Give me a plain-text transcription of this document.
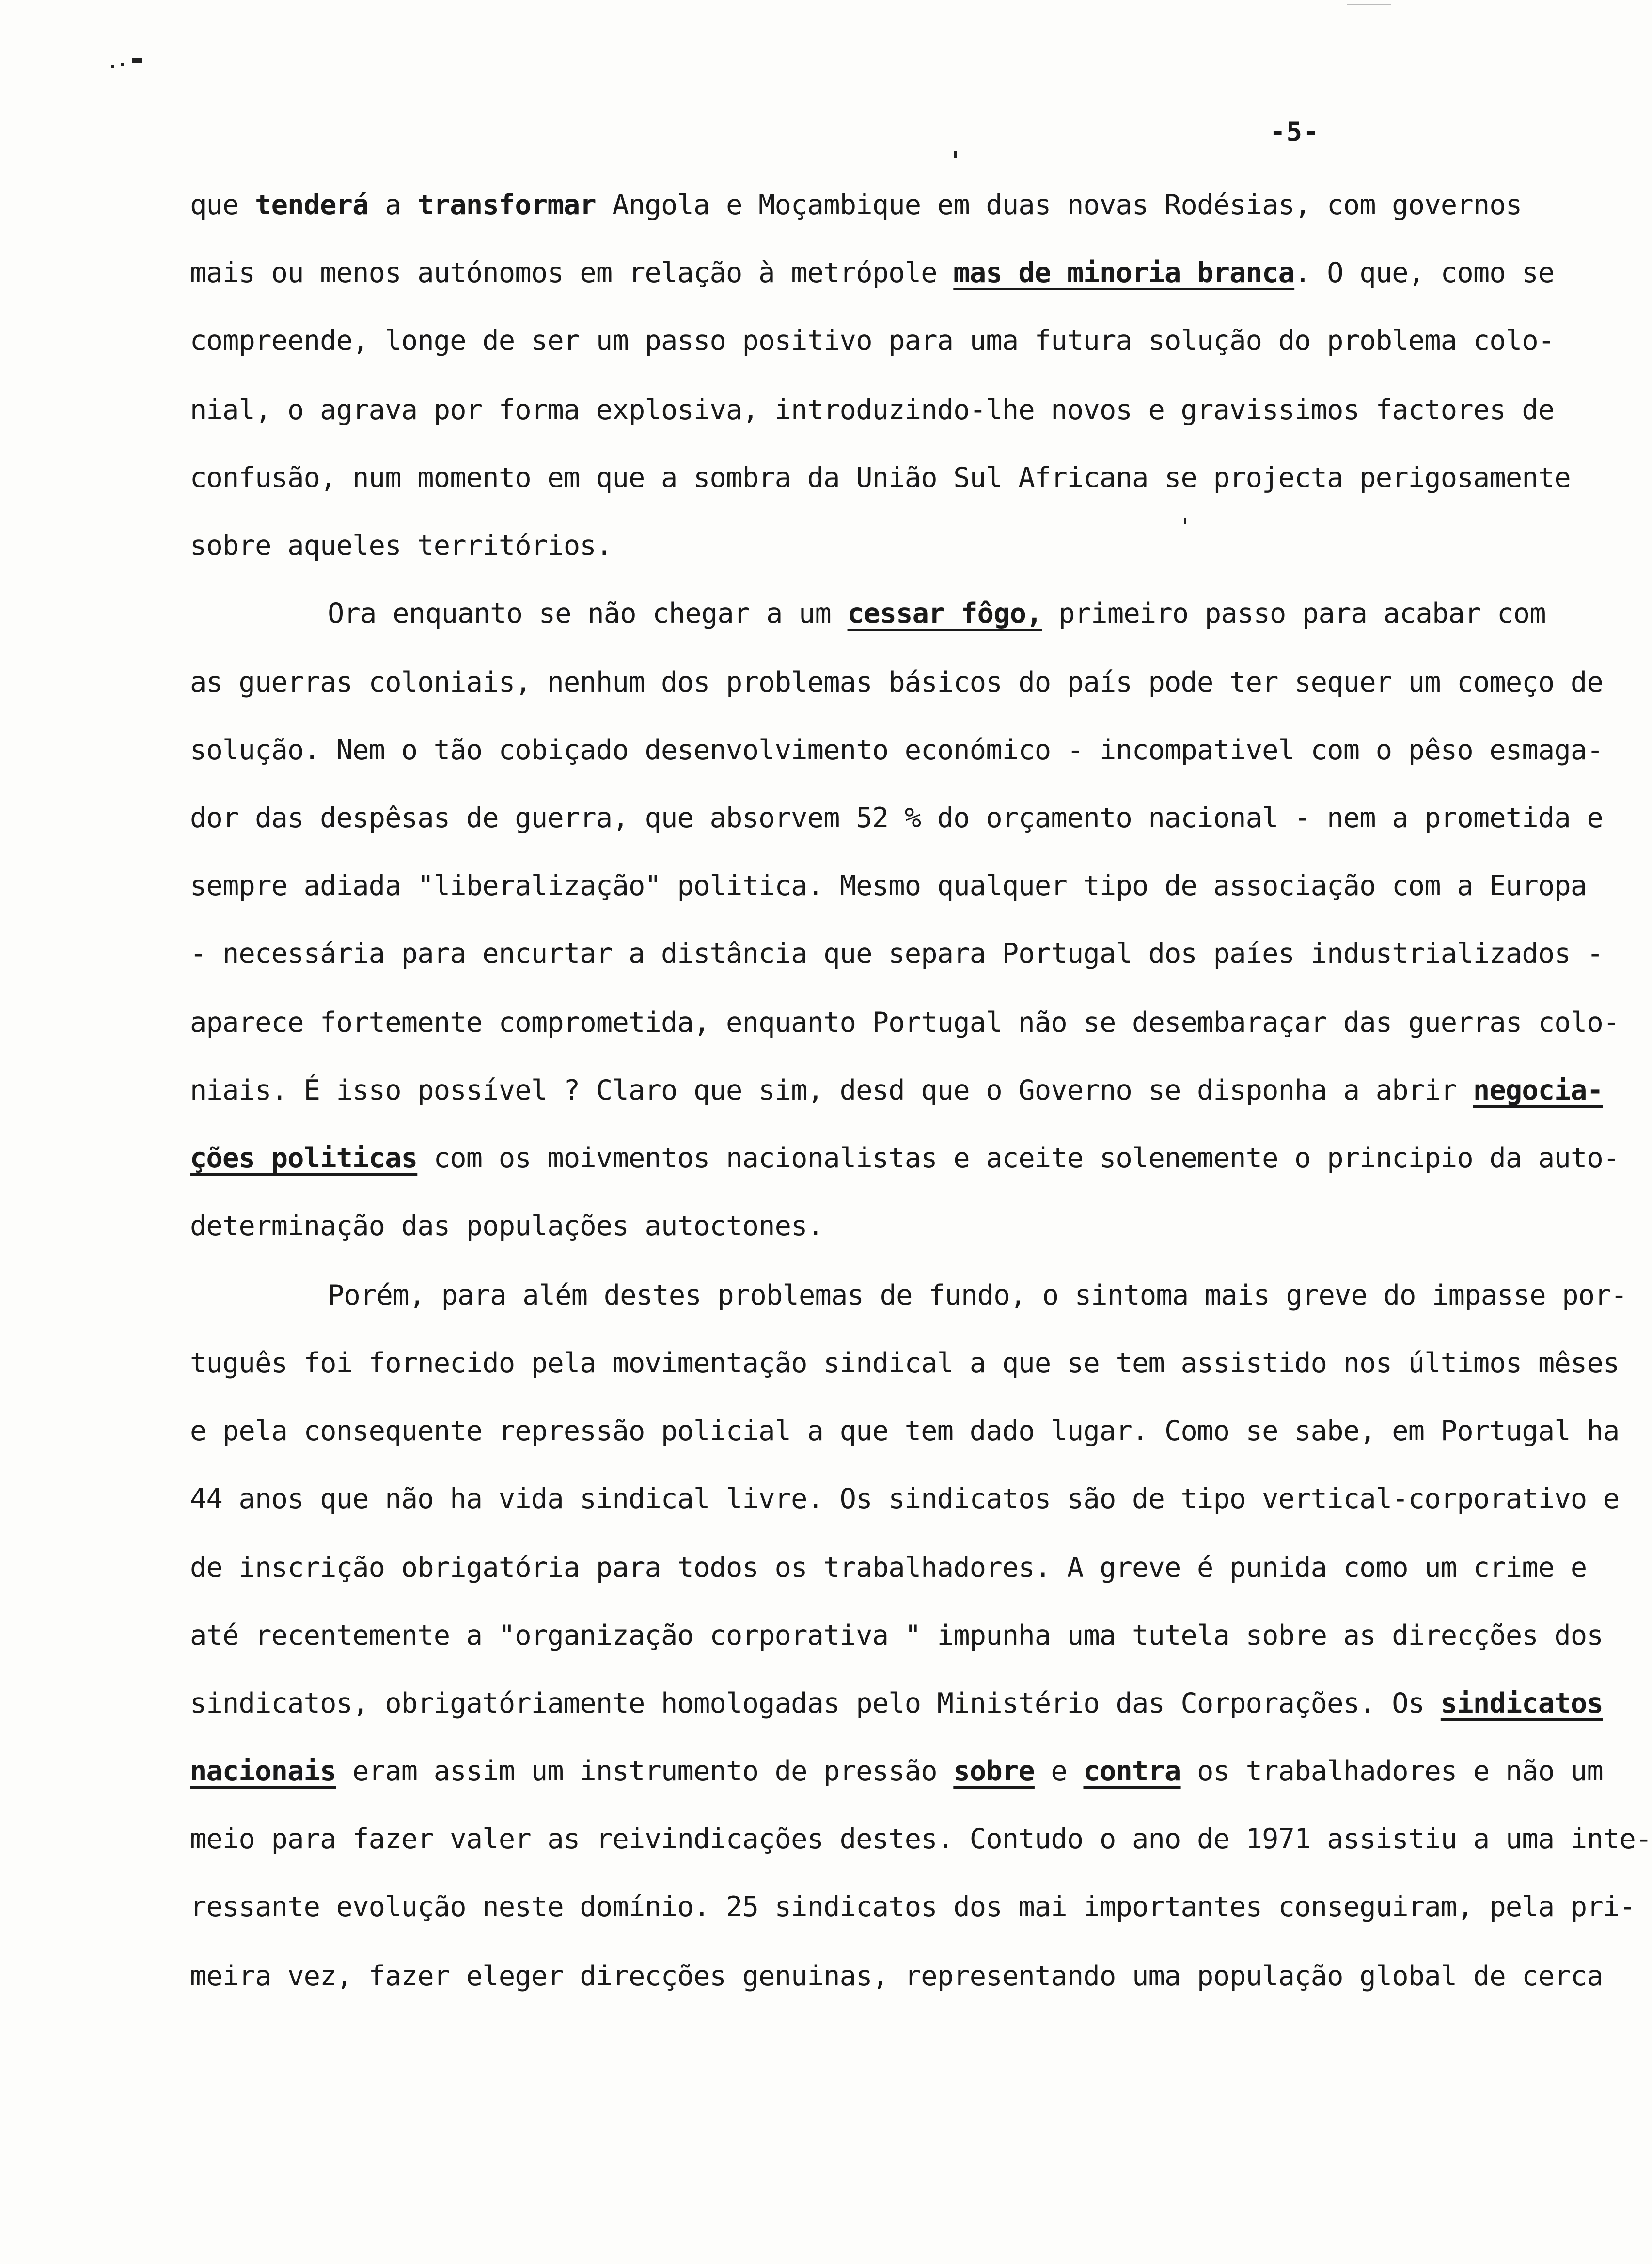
-5-
que tenderá a transformar Angola e Moçambique em duas novas Rodésias, com governos
mais ou menos autónomos em relação à metrópole mas de minoria branca. O que, como se
compreende, longe de ser um passo positivo para uma futura solução do problema colo-
nial, o agrava por forma explosiva, introduzindo-lhe novos e gravissimos factores de
confusão, num momento em que a sombra da União Sul Africana se projecta perigosamente
sobre aqueles territórios.
Ora enquanto se não chegar a um cessar fôgo, primeiro passo para acabar com
as guerras coloniais, nenhum dos problemas básicos do país pode ter sequer um começo de
solução. Nem o tão cobiçado desenvolvimento económico - incompativel com o pêso esmaga-
dor das despêsas de guerra, que absorvem 52 % do orçamento nacional - nem a prometida e
sempre adiada "liberalização" politica. Mesmo qualquer tipo de associação com a Europa
- necessária para encurtar a distância que separa Portugal dos paíes industrializados -
aparece fortemente comprometida, enquanto Portugal não se desembaraçar das guerras colo-
niais. É isso possível ? Claro que sim, desd que o Governo se disponha a abrir negocia-
ções politicas com os moivmentos nacionalistas e aceite solenemente o principio da auto-
determinação das populações autoctones.
Porém, para além destes problemas de fundo, o sintoma mais greve do impasse por-
tuguês foi fornecido pela movimentação sindical a que se tem assistido nos últimos mêses
e pela consequente repressão policial a que tem dado lugar. Como se sabe, em Portugal ha
44 anos que não ha vida sindical livre. Os sindicatos são de tipo vertical-corporativo e
de inscrição obrigatória para todos os trabalhadores. A greve é punida como um crime e
até recentemente a "organização corporativa " impunha uma tutela sobre as direcções dos
sindicatos, obrigatóriamente homologadas pelo Ministério das Corporações. Os sindicatos
nacionais eram assim um instrumento de pressão sobre e contra os trabalhadores e não um
meio para fazer valer as reivindicações destes. Contudo o ano de 1971 assistiu a uma inte-
ressante evolução neste domínio. 25 sindicatos dos mai importantes conseguiram, pela pri-
meira vez, fazer eleger direcções genuinas, representando uma população global de cerca
